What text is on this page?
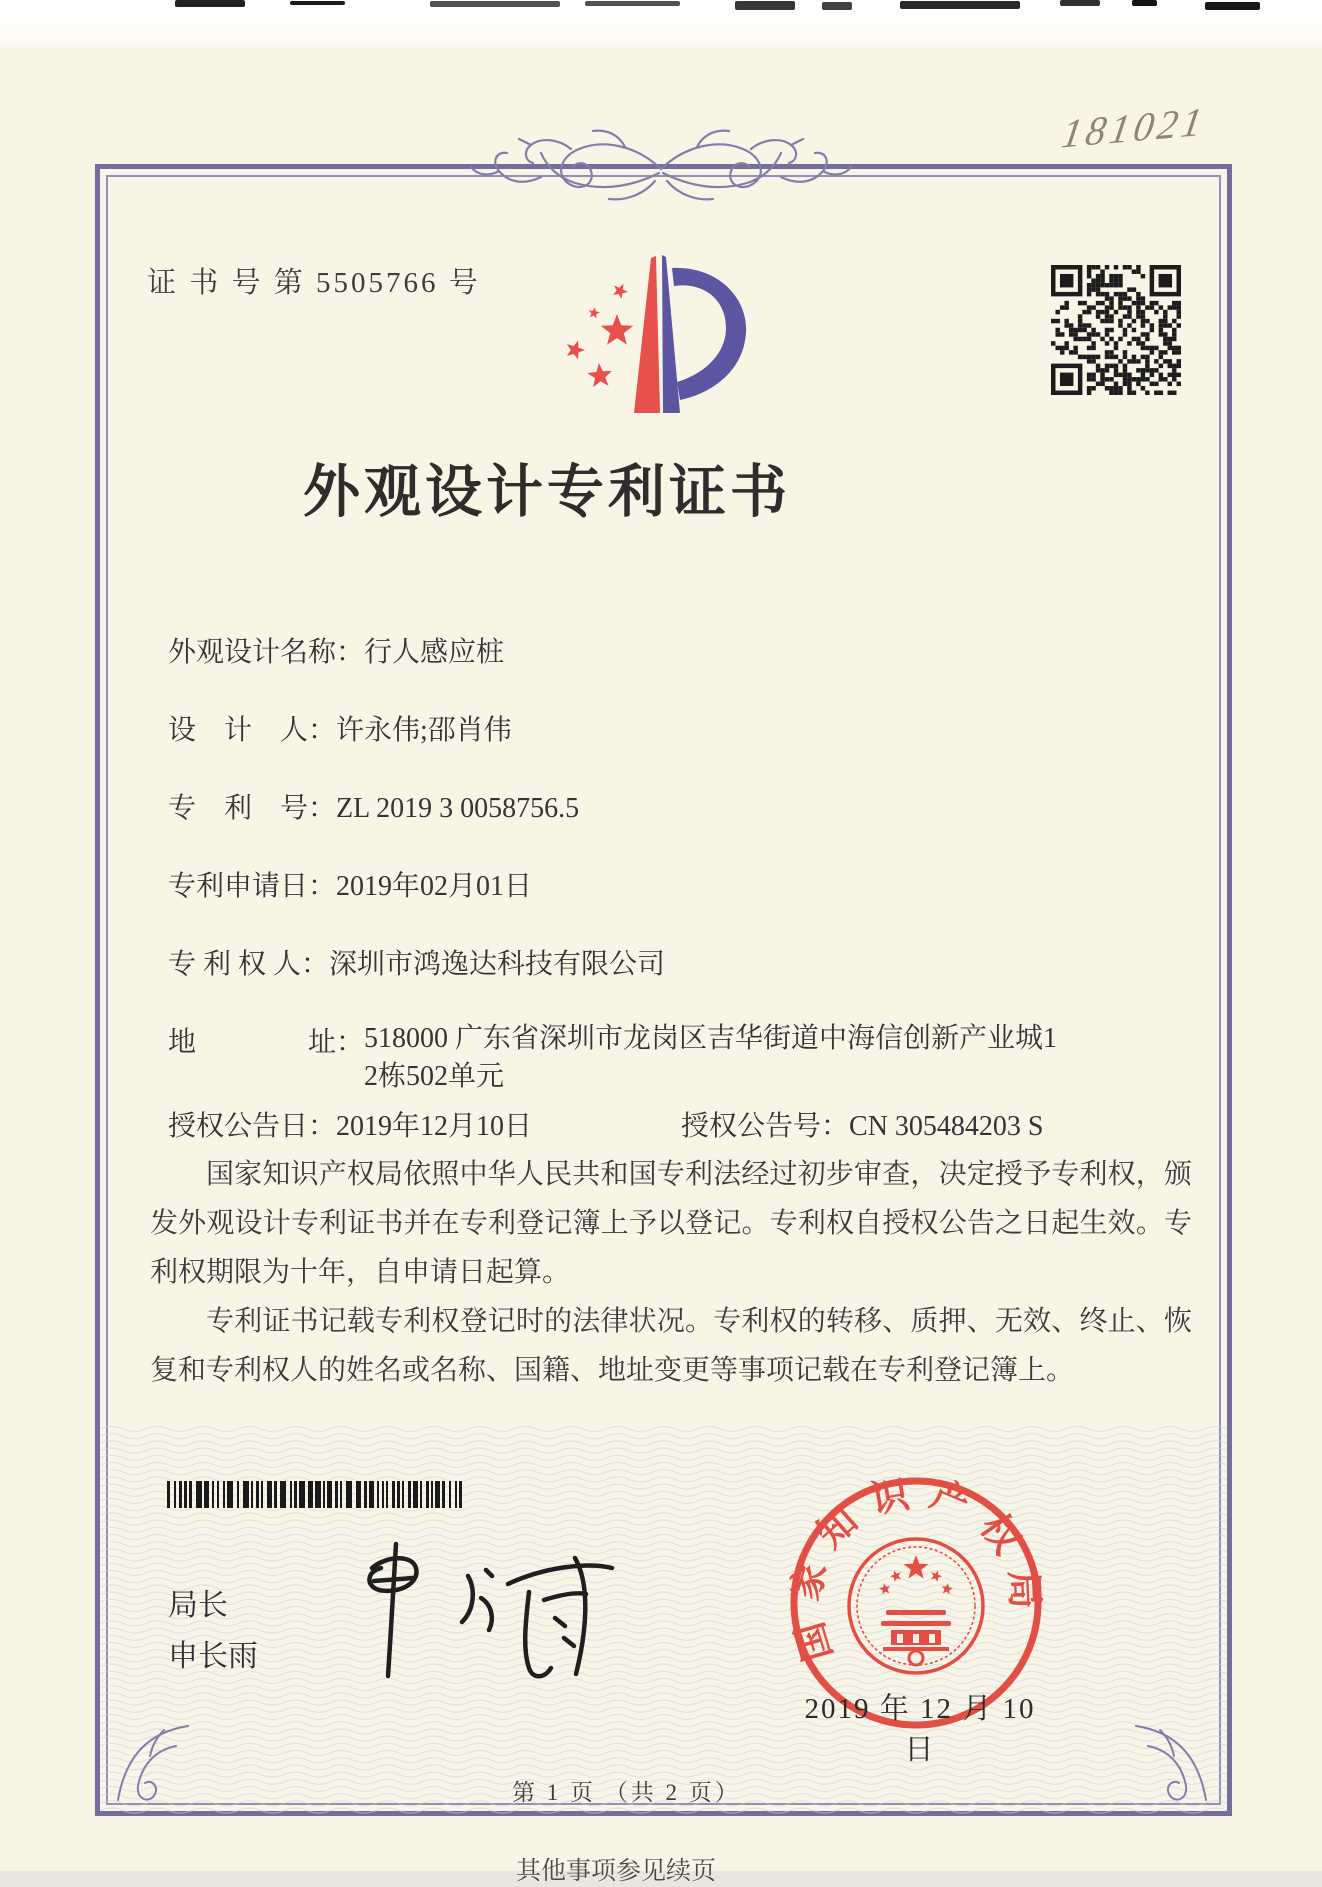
181021
证 书 号 第 5505766 号
外观设计专利证书
外观设计名称：行人感应桩
设　计　人：许永伟;邵肖伟
专　利　号：ZL 2019 3 0058756.5
专利申请日：2019年02月01日
专 利 权 人：深圳市鸿逸达科技有限公司
地　　　　址： 518000 广东省深圳市龙岗区吉华街道中海信创新产业城1
2栋502单元
授权公告日：2019年12月10日	授权公告号：CN 305484203 S

国家知识产权局依照中华人民共和国专利法经过初步审查，决定授予专利权，颁发外观设计专利证书并在专利登记簿上予以登记。专利权自授权公告之日起生效。专利权期限为十年，自申请日起算。

专利证书记载专利权登记时的法律状况。专利权的转移、质押、无效、终止、恢复和专利权人的姓名或名称、国籍、地址变更等事项记载在专利登记簿上。

局长
申长雨	国家知识产权局
2019 年 12 月 10 日
第 1 页 （共 2 页）
其他事项参见续页
